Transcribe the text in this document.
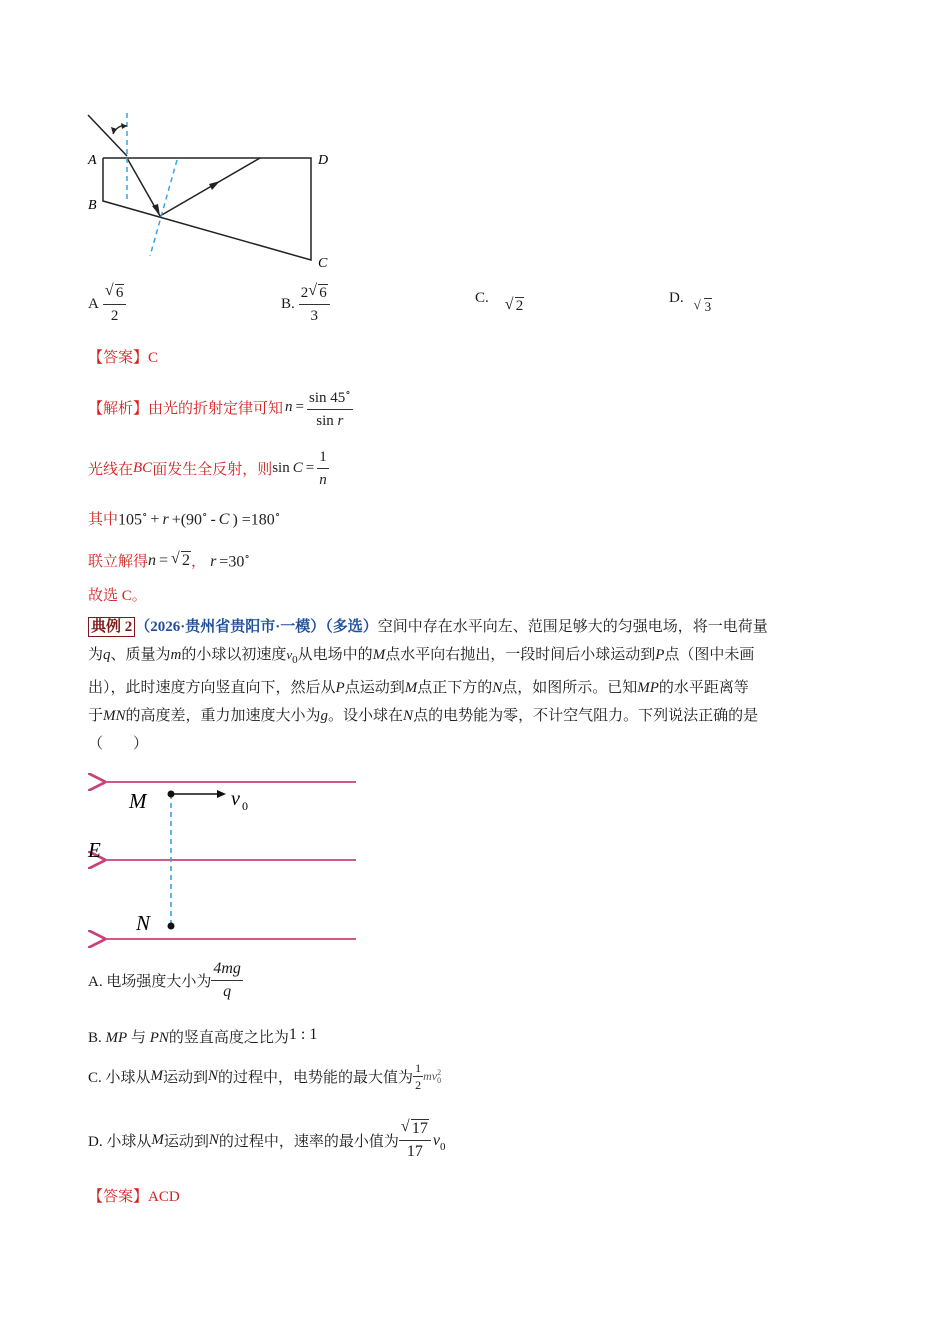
A
B
D
C
A $\frac{√ 6}{2}$	B. $\frac{2 √ 6}{3}$	C. √ 2	D. √ 3
【答案】C
【解析】 由光的折射定律可知 $n = \frac{\sin 45^\circ}{\text{sin r}}$
光线在 BC 面发生全反射，则 $\sin C = \frac{1}{n}$
其中 105∘ + r +(90∘ - C ) =180∘
联立解得 n = √ 2 ， r =30∘
故选 C。
典例 2 （2026·贵州省贵阳市·一模）（多选）空间中存在水平向左、范围足够大的匀强电场，将一电荷量
为q、质量为m的小球以初速度$v_0$从电场中的M点水平向右抛出，一段时间后小球运动到P点（图中未画
出），此时速度方向竖直向下，然后从P点运动到M点正下方的N点，如图所示。已知MP的水平距离等
于MN的高度差，重力加速度大小为g。设小球在N点的电势能为零，不计空气阻力。下列说法正确的是
（　　）
M
E
N
v 0
A. 电场强度大小为 $\frac{4mg}{q}$
B. MP 与 PN的竖直高度之比为1 : 1
C. 小球从 M 运动到 N 的过程中，电势能的最大值为 $\frac{1}{2}$ mv 2
0
D. 小球从 M 运动到 N 的过程中，速率的最小值为 $\frac{√ 17}{17} v_0$
【答案】ACD
